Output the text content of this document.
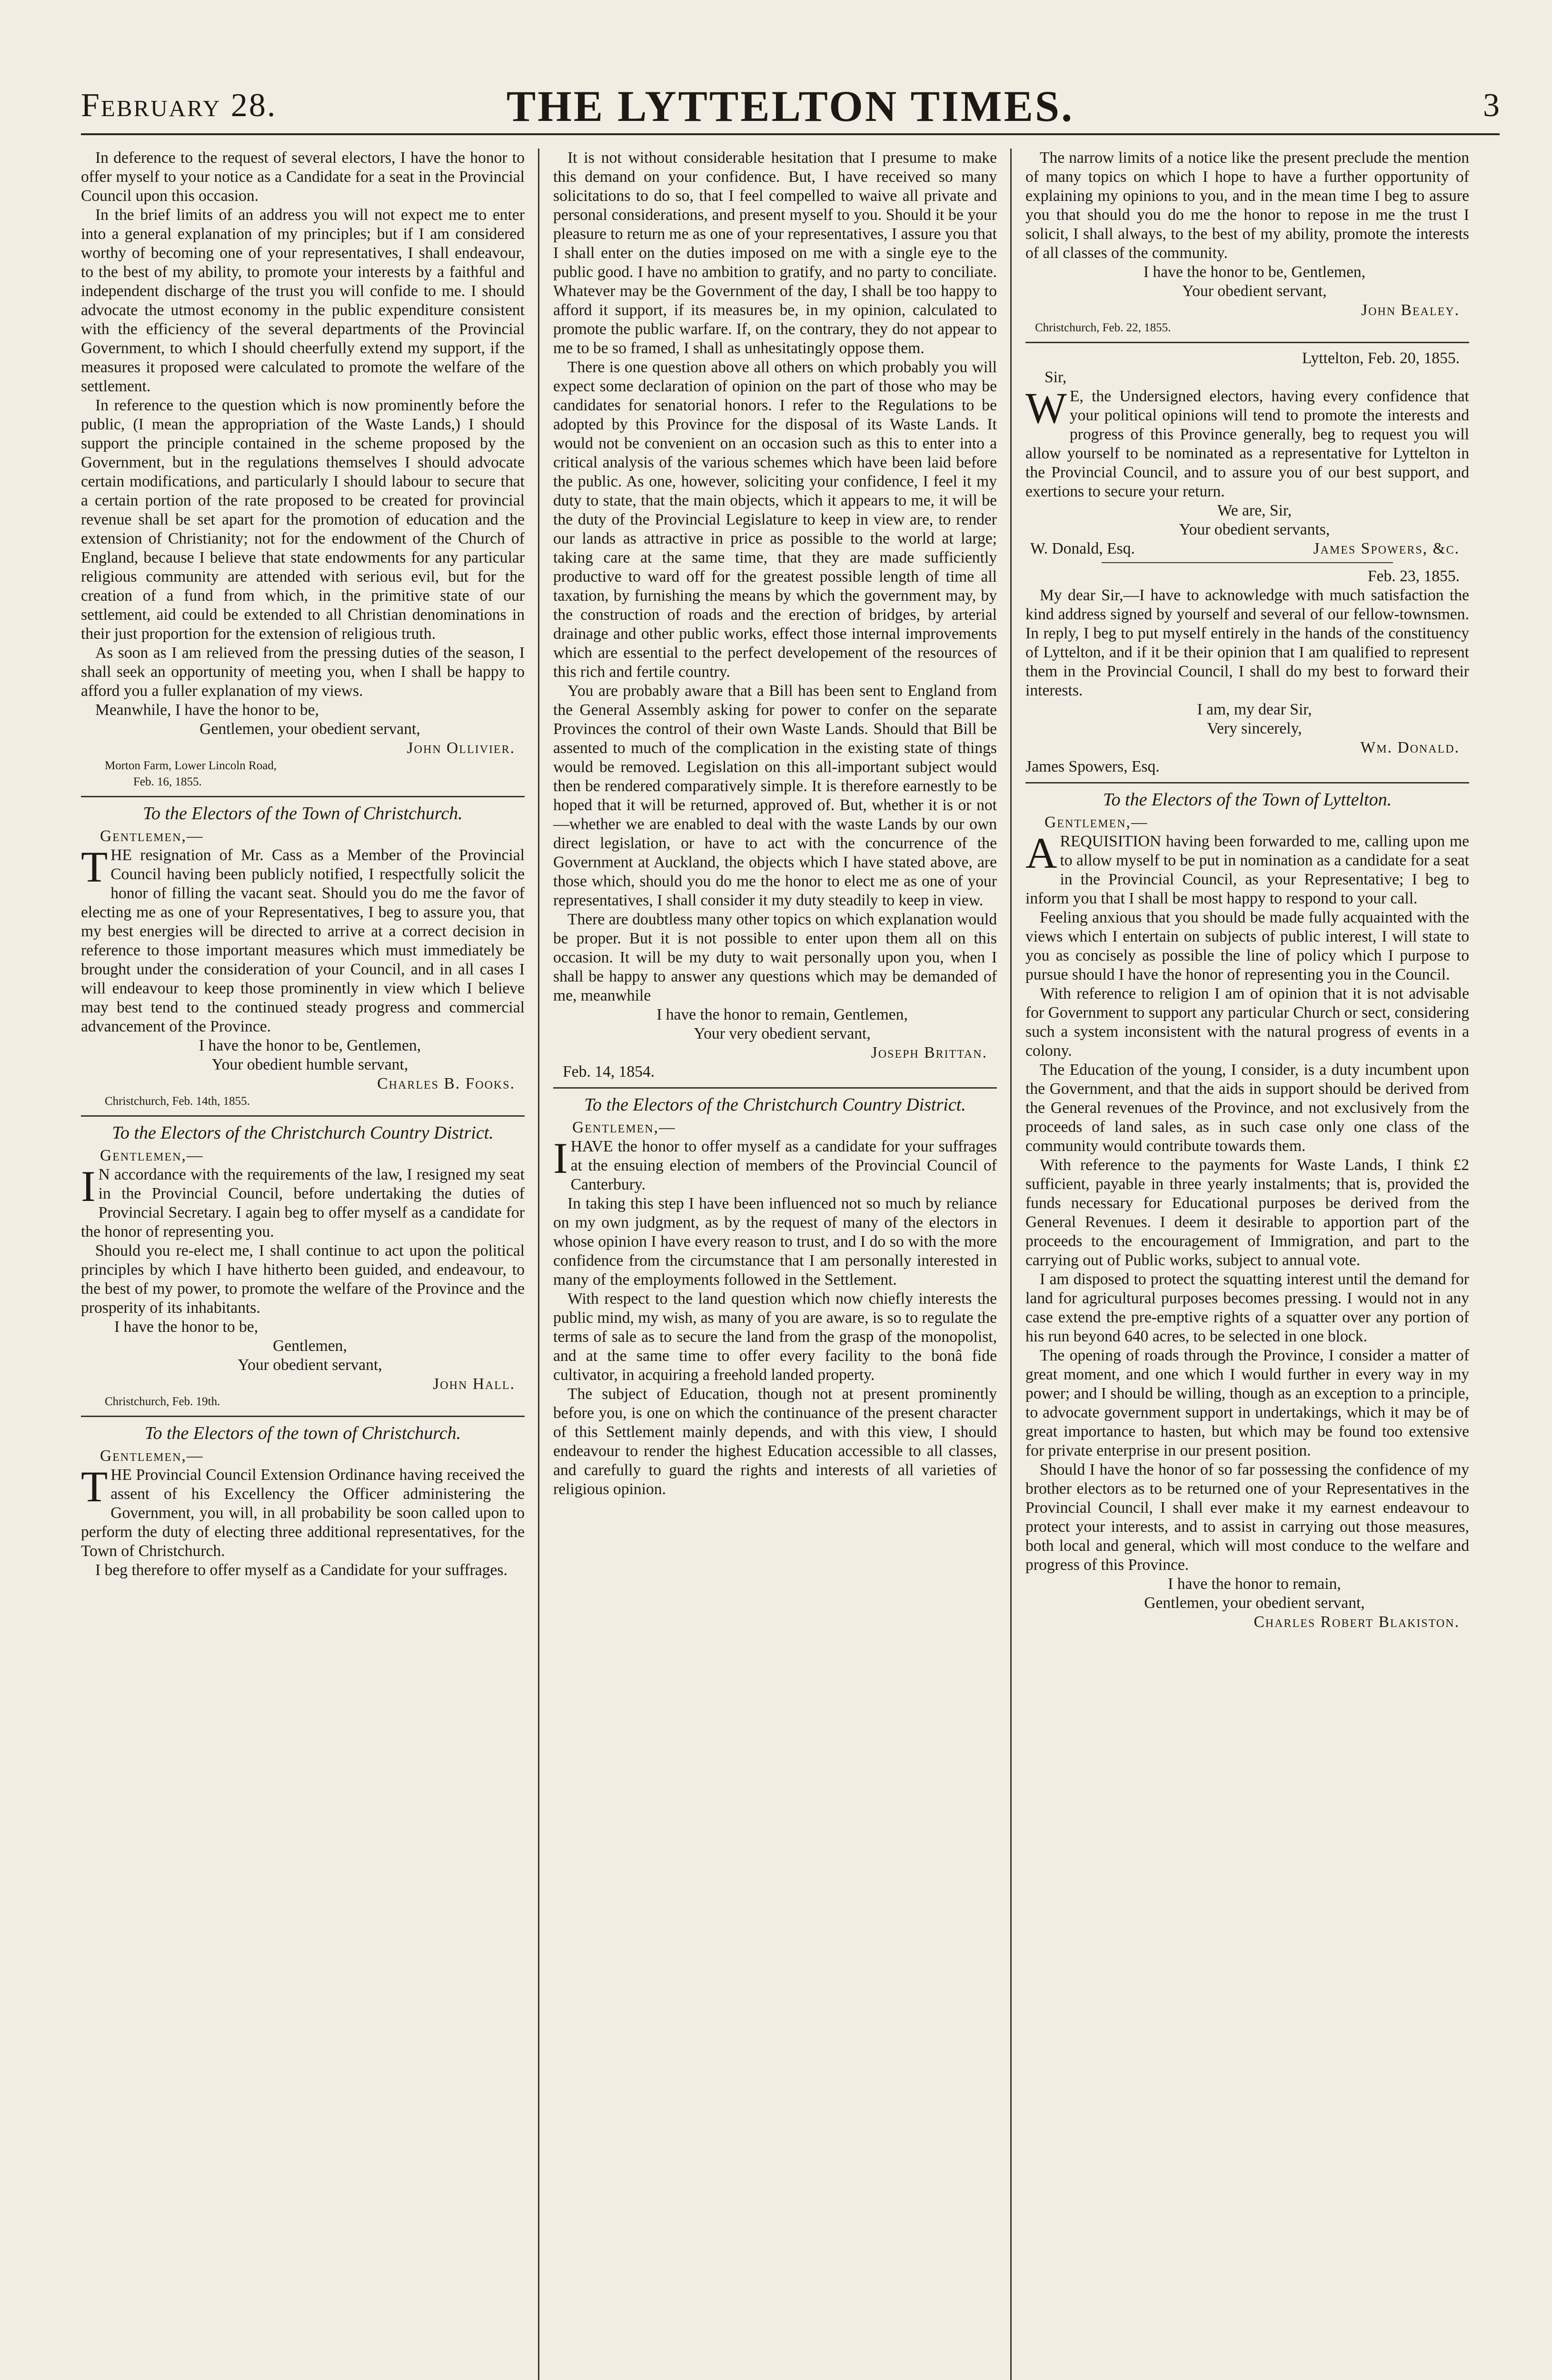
February 28.	THE LYTTELTON TIMES.	3

In deference to the request of several electors, I have the honor to offer myself to your notice as a Candidate for a seat in the Provincial Council upon this occasion.

In the brief limits of an address you will not expect me to enter into a general explanation of my principles; but if I am considered worthy of becoming one of your representatives, I shall endeavour, to the best of my ability, to promote your interests by a faithful and independent discharge of the trust you will confide to me. I should advocate the utmost economy in the public expenditure consistent with the efficiency of the several departments of the Provincial Government, to which I should cheerfully extend my support, if the measures it proposed were calculated to promote the welfare of the settlement.

In reference to the question which is now prominently before the public, (I mean the appropriation of the Waste Lands,) I should support the principle contained in the scheme proposed by the Government, but in the regulations themselves I should advocate certain modifications, and particularly I should labour to secure that a certain portion of the rate proposed to be created for provincial revenue shall be set apart for the promotion of education and the extension of Christianity; not for the endowment of the Church of England, because I believe that state endowments for any particular religious community are attended with serious evil, but for the creation of a fund from which, in the primitive state of our settlement, aid could be extended to all Christian denominations in their just proportion for the extension of religious truth.

As soon as I am relieved from the pressing duties of the season, I shall seek an opportunity of meeting you, when I shall be happy to afford you a fuller explanation of my views.

Meanwhile, I have the honor to be,

Gentlemen, your obedient servant,

John Ollivier.

Morton Farm, Lower Lincoln Road,

Feb. 16, 1855.

To the Electors of the Town of Christchurch.
Gentlemen,—

THE resignation of Mr. Cass as a Member of the Provincial Council having been publicly notified, I respectfully solicit the honor of filling the vacant seat. Should you do me the favor of electing me as one of your Representatives, I beg to assure you, that my best energies will be directed to arrive at a correct decision in reference to those important measures which must immediately be brought under the consideration of your Council, and in all cases I will endeavour to keep those prominently in view which I believe may best tend to the continued steady progress and commercial advancement of the Province.

I have the honor to be, Gentlemen,

Your obedient humble servant,

Charles B. Fooks.

Christchurch, Feb. 14th, 1855.

To the Electors of the Christchurch Country District.
Gentlemen,—

I N accordance with the requirements of the law, I resigned my seat in the Provincial Council, before undertaking the duties of Provincial Secretary. I again beg to offer myself as a candidate for the honor of representing you.

Should you re-elect me, I shall continue to act upon the political principles by which I have hitherto been guided, and endeavour, to the best of my power, to promote the welfare of the Province and the prosperity of its inhabitants.

I have the honor to be,

Gentlemen,

Your obedient servant,

John Hall.

Christchurch, Feb. 19th.

To the Electors of the town of Christchurch.
Gentlemen,—

THE Provincial Council Extension Ordinance having received the assent of his Excellency the Officer administering the Government, you will, in all probability be soon called upon to perform the duty of electing three additional representatives, for the Town of Christchurch.

I beg therefore to offer myself as a Candidate for your suffrages.

It is not without considerable hesitation that I presume to make this demand on your confidence. But, I have received so many solicitations to do so, that I feel compelled to waive all private and personal considerations, and present myself to you. Should it be your pleasure to return me as one of your representatives, I assure you that I shall enter on the duties imposed on me with a single eye to the public good. I have no ambition to gratify, and no party to conciliate. Whatever may be the Government of the day, I shall be too happy to afford it support, if its measures be, in my opinion, calculated to promote the public warfare. If, on the contrary, they do not appear to me to be so framed, I shall as unhesitatingly oppose them.

There is one question above all others on which probably you will expect some declaration of opinion on the part of those who may be candidates for senatorial honors. I refer to the Regulations to be adopted by this Province for the disposal of its Waste Lands. It would not be convenient on an occasion such as this to enter into a critical analysis of the various schemes which have been laid before the public. As one, however, soliciting your confidence, I feel it my duty to state, that the main objects, which it appears to me, it will be the duty of the Provincial Legislature to keep in view are, to render our lands as attractive in price as possible to the world at large; taking care at the same time, that they are made sufficiently productive to ward off for the greatest possible length of time all taxation, by furnishing the means by which the government may, by the construction of roads and the erection of bridges, by arterial drainage and other public works, effect those internal improvements which are essential to the perfect developement of the resources of this rich and fertile country.

You are probably aware that a Bill has been sent to England from the General Assembly asking for power to confer on the separate Provinces the control of their own Waste Lands. Should that Bill be assented to much of the complication in the existing state of things would be removed. Legislation on this all-important subject would then be rendered comparatively simple. It is therefore earnestly to be hoped that it will be returned, approved of. But, whether it is or not—whether we are enabled to deal with the waste Lands by our own direct legislation, or have to act with the concurrence of the Government at Auckland, the objects which I have stated above, are those which, should you do me the honor to elect me as one of your representatives, I shall consider it my duty steadily to keep in view.

There are doubtless many other topics on which explanation would be proper. But it is not possible to enter upon them all on this occasion. It will be my duty to wait personally upon you, when I shall be happy to answer any questions which may be demanded of me, meanwhile

I have the honor to remain, Gentlemen,

Your very obedient servant,

Joseph Brittan.

Feb. 14, 1854.

To the Electors of the Christchurch Country District.
Gentlemen,—

IHAVE the honor to offer myself as a candidate for your suffrages at the ensuing election of members of the Provincial Council of Canterbury.

In taking this step I have been influenced not so much by reliance on my own judgment, as by the request of many of the electors in whose opinion I have every reason to trust, and I do so with the more confidence from the circumstance that I am personally interested in many of the employments followed in the Settlement.

With respect to the land question which now chiefly interests the public mind, my wish, as many of you are aware, is so to regulate the terms of sale as to secure the land from the grasp of the monopolist, and at the same time to offer every facility to the bonâ fide cultivator, in acquiring a freehold landed property.

The subject of Education, though not at present prominently before you, is one on which the continuance of the present character of this Settlement mainly depends, and with this view, I should endeavour to render the highest Education accessible to all classes, and carefully to guard the rights and interests of all varieties of religious opinion.

The narrow limits of a notice like the present preclude the mention of many topics on which I hope to have a further opportunity of explaining my opinions to you, and in the mean time I beg to assure you that should you do me the honor to repose in me the trust I solicit, I shall always, to the best of my ability, promote the interests of all classes of the community.

I have the honor to be, Gentlemen,

Your obedient servant,

John Bealey.

Christchurch, Feb. 22, 1855.

Lyttelton, Feb. 20, 1855.

Sir,

W E, the Undersigned electors, having every confidence that your political opinions will tend to promote the interests and progress of this Province generally, beg to request you will allow yourself to be nominated as a representative for Lyttelton in the Provincial Council, and to assure you of our best support, and exertions to secure your return.

We are, Sir,

Your obedient servants,

W. Donald, Esq.	James Spowers, &c.

Feb. 23, 1855.

My dear Sir,—I have to acknowledge with much satisfaction the kind address signed by yourself and several of our fellow-townsmen. In reply, I beg to put myself entirely in the hands of the constituency of Lyttelton, and if it be their opinion that I am qualified to represent them in the Provincial Council, I shall do my best to forward their interests.

I am, my dear Sir,

Very sincerely,

Wm. Donald.

James Spowers, Esq.

To the Electors of the Town of Lyttelton.
Gentlemen,—

AREQUISITION having been forwarded to me, calling upon me to allow myself to be put in nomination as a candidate for a seat in the Provincial Council, as your Representative; I beg to inform you that I shall be most happy to respond to your call.

Feeling anxious that you should be made fully acquainted with the views which I entertain on subjects of public interest, I will state to you as concisely as possible the line of policy which I purpose to pursue should I have the honor of representing you in the Council.

With reference to religion I am of opinion that it is not advisable for Government to support any particular Church or sect, considering such a system inconsistent with the natural progress of events in a colony.

The Education of the young, I consider, is a duty incumbent upon the Government, and that the aids in support should be derived from the General revenues of the Province, and not exclusively from the proceeds of land sales, as in such case only one class of the community would contribute towards them.

With reference to the payments for Waste Lands, I think £2 sufficient, payable in three yearly instalments; that is, provided the funds necessary for Educational purposes be derived from the General Revenues. I deem it desirable to apportion part of the proceeds to the encouragement of Immigration, and part to the carrying out of Public works, subject to annual vote.

I am disposed to protect the squatting interest until the demand for land for agricultural purposes becomes pressing. I would not in any case extend the pre-emptive rights of a squatter over any portion of his run beyond 640 acres, to be selected in one block.

The opening of roads through the Province, I consider a matter of great moment, and one which I would further in every way in my power; and I should be willing, though as an exception to a principle, to advocate government support in undertakings, which it may be of great importance to hasten, but which may be found too extensive for private enterprise in our present position.

Should I have the honor of so far possessing the confidence of my brother electors as to be returned one of your Representatives in the Provincial Council, I shall ever make it my earnest endeavour to protect your interests, and to assist in carrying out those measures, both local and general, which will most conduce to the welfare and progress of this Province.

I have the honor to remain,

Gentlemen, your obedient servant,

Charles Robert Blakiston.
